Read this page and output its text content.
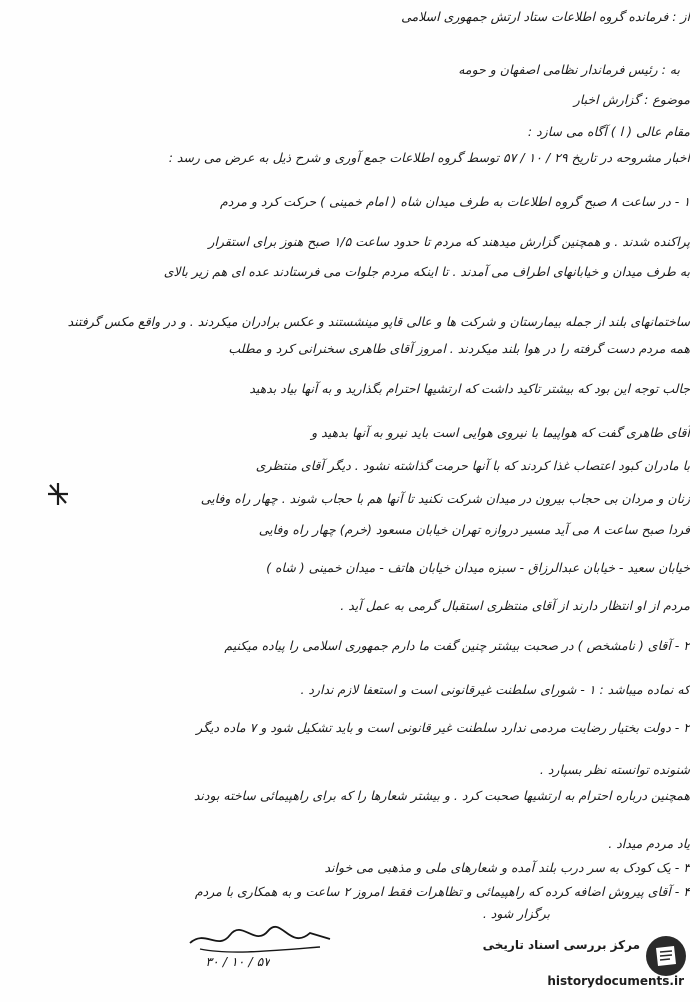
از : فرمانده گروه اطلاعات ستاد ارتش جمهوری اسلامی
به : رئیس فرماندار نظامی اصفهان و حومه
موضوع : گزارش اخبار
مقام عالی ( ا ) آگاه می سازد :
اخبار مشروحه در تاریخ ۲۹ / ۱۰ / ۵۷ توسط گروه اطلاعات جمع آوری و شرح ذیل به عرض می رسد :
۱ - در ساعت ۸ صبح گروه اطلاعات به طرف میدان شاه ( امام خمینی ) حرکت کرد و مردم
پراکنده شدند . و همچنین گزارش میدهند که مردم تا حدود ساعت ۱/۵ صبح هنوز برای استقرار
به طرف میدان و خیابانهای اطراف می آمدند . تا اینکه مردم جلوات می فرستادند عده ای هم زیر بالای
ساختمانهای بلند از جمله بیمارستان و شرکت ها و عالی قاپو مینشستند و عکس برادران میکردند . و در واقع مکس گرفتند
همه مردم دست گرفته را در هوا بلند میکردند . امروز آقای طاهری سخنرانی کرد و مطلب
جالب توجه این بود که بیشتر تاکید داشت که ارتشیها احترام بگذارید و به آنها بیاد بدهید
آقای طاهری گفت که هواپیما با نیروی هوایی است باید نیرو به آنها بدهید و
با مادران کبود اعتصاب غذا کردند که با آنها حرمت گذاشته نشود . دیگر آقای منتظری
زنان و مردان بی حجاب بیرون در میدان شرکت نکنید تا آنها هم با حجاب شوند . چهار راه وفایی
فردا صبح ساعت ۸ می آید مسیر دروازه تهران خیابان مسعود (خرم) چهار راه وفایی
خیابان سعید - خیابان عبدالرزاق - سبزه میدان خیابان هاتف - میدان خمینی ( شاه )
مردم از او انتظار دارند از آقای منتظری استقبال گرمی به عمل آید .
۲ - آقای ( نامشخص ) در صحبت بیشتر چنین گفت ما دارم جمهوری اسلامی را پیاده میکنیم
که نماده میباشد : ۱ - شورای سلطنت غیرقانونی است و استعفا لازم ندارد .
۲ - دولت بختیار رضایت مردمی ندارد سلطنت غیر قانونی است و باید تشکیل شود و ۷ ماده دیگر
شنونده توانسته نظر بسپارد .
همچنین درباره احترام به ارتشیها صحبت کرد . و بیشتر شعارها را که برای راهپیمائی ساخته بودند
یاد مردم میداد .
۳ - یک کودک به سر درب بلند آمده و شعارهای ملی و مذهبی می خواند
۴ - آقای پیروش اضافه کرده که راهپیمائی و تظاهرات فقط امروز ۲ ساعت و به همکاری با مردم
برگزار شود .
۵۷ / ۱۰ / ۳۰
مرکز بررسی اسناد تاریخی
historydocuments.ir
